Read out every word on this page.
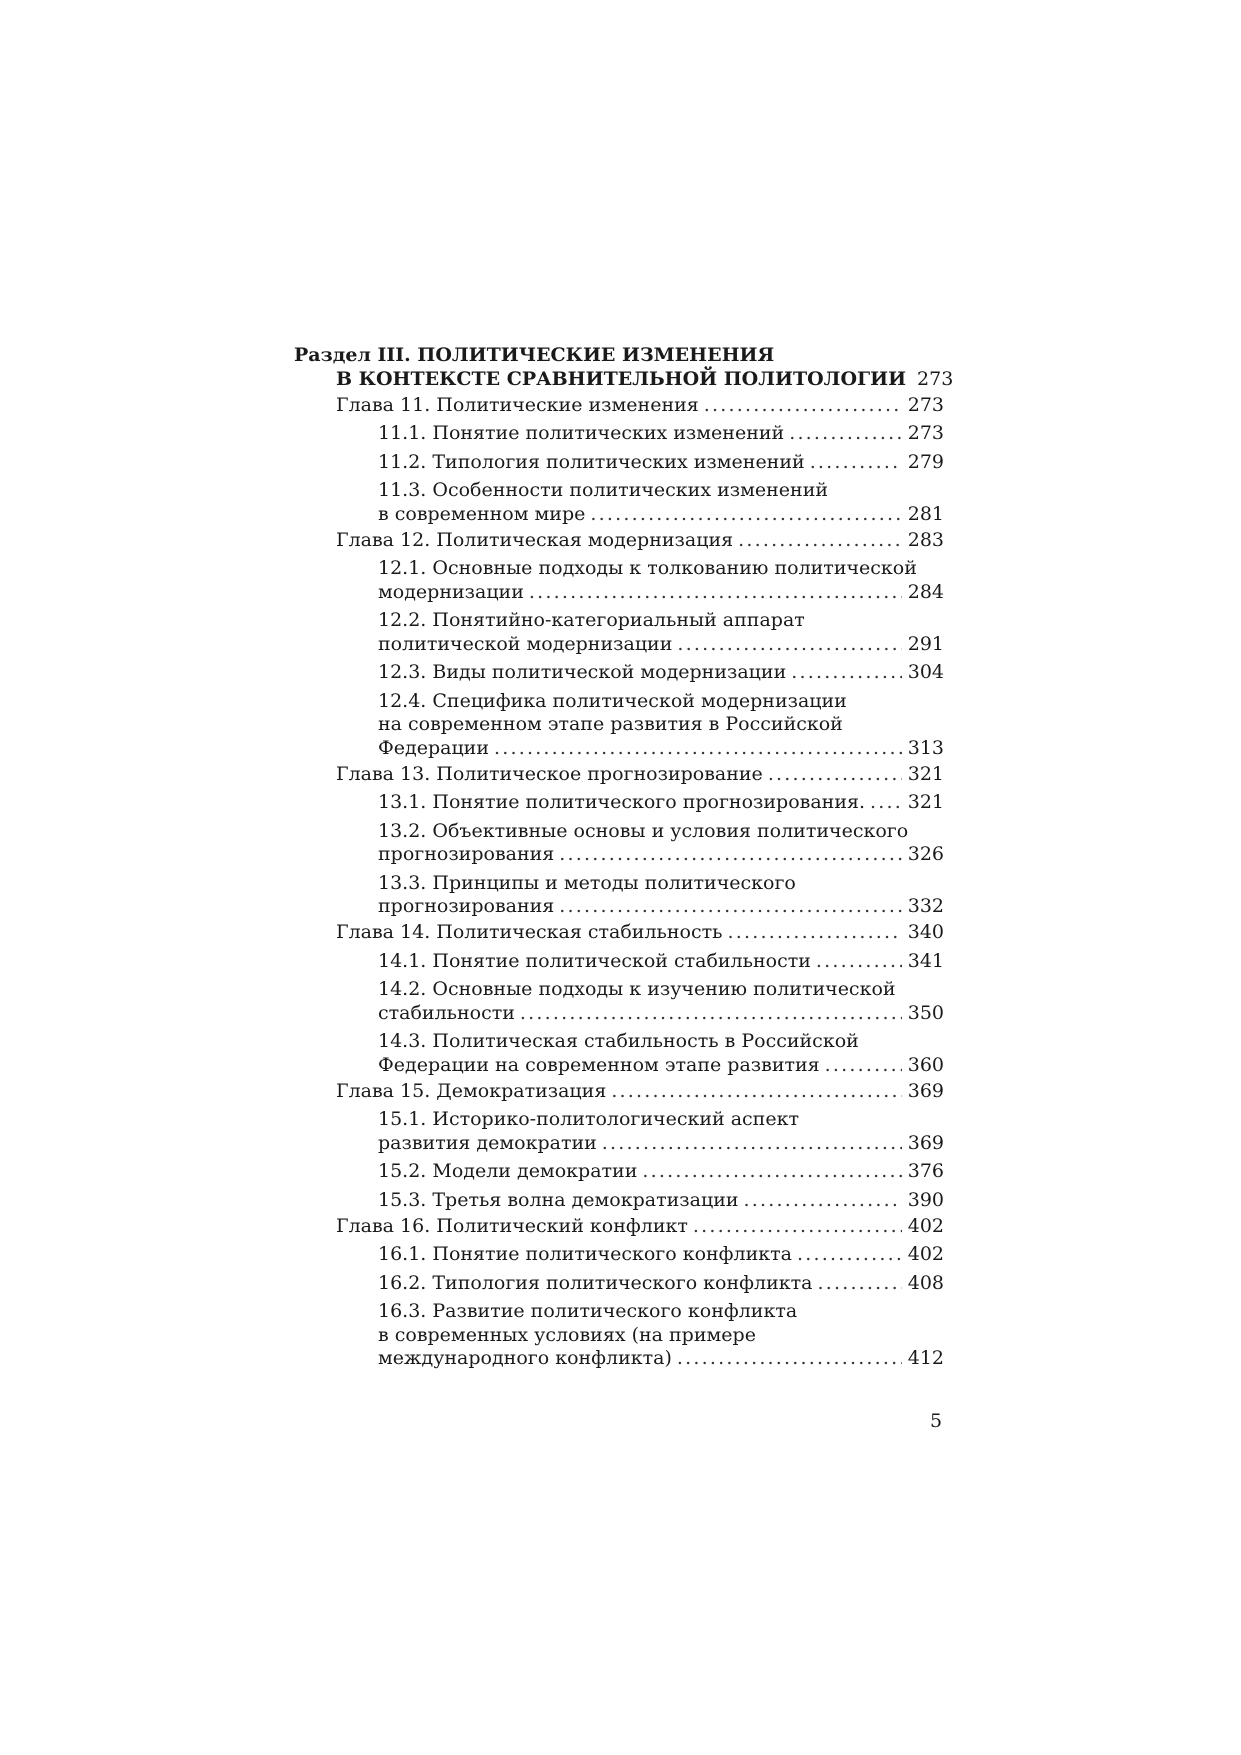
Раздел III. ПОЛИТИЧЕСКИЕ ИЗМЕНЕНИЯ
В КОНТЕКСТЕ СРАВНИТЕЛЬНОЙ ПОЛИТОЛОГИИ 273
Глава 11. Политические изменения .....	273
11.1. Понятие политических изменений .....	273
11.2. Типология политических изменений .....	279
11.3. Особенности политических изменений
в современном мире .....	281
Глава 12. Политическая модернизация .....	283
12.1. Основные подходы к толкованию политической
модернизации .....	284
12.2. Понятийно-категориальный аппарат
политической модернизации .....	291
12.3. Виды политической модернизации .....	304
12.4. Специфика политической модернизации
на современном этапе развития в Российской
Федерации .....	313
Глава 13. Политическое прогнозирование .....	321
13.1. Понятие политического прогнозирования. ..... 321
13.2. Объективные основы и условия политического
прогнозирования .....	326
13.3. Принципы и методы политического
прогнозирования .....	332
Глава 14. Политическая стабильность .....	340
14.1. Понятие политической стабильности .....	341
14.2. Основные подходы к изучению политической
стабильности .....	350
14.3. Политическая стабильность в Российской
Федерации на современном этапе развития .....	360
Глава 15. Демократизация .....	369
15.1. Историко-политологический аспект
развития демократии .....	369
15.2. Модели демократии .....	376
15.3. Третья волна демократизации .....	390
Глава 16. Политический конфликт .....	402
16.1. Понятие политического конфликта .....	402
16.2. Типология политического конфликта .....	408
16.3. Развитие политического конфликта
в современных условиях (на примере
международного конфликта) .....	412
5
